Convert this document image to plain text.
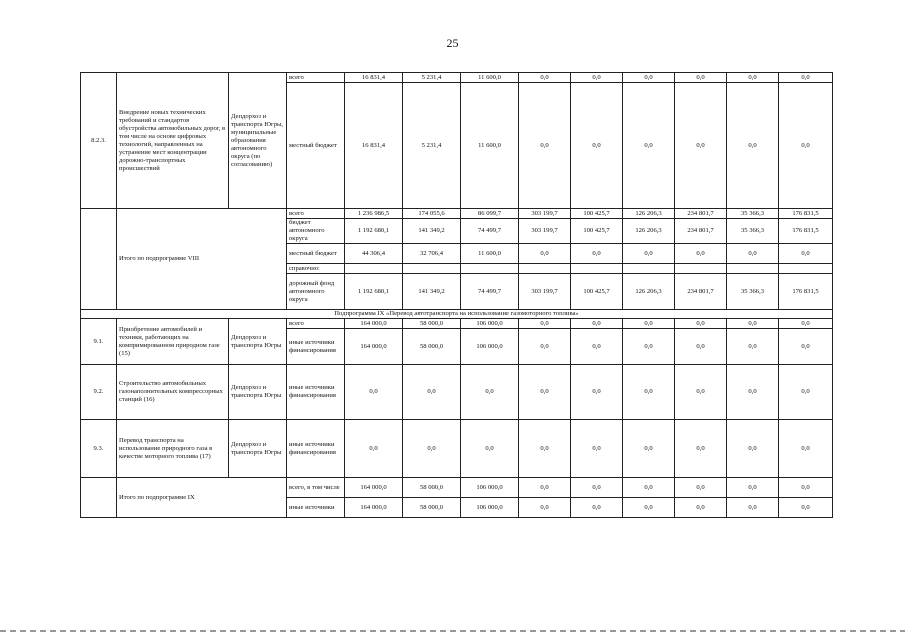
25
8.2.3.	Внедрение новых технических требований и стандартов обустройства автомобильных дорог, в том числе на основе цифровых технологий, направленных на устранение мест концентрации дорожно-транспортных происшествий	Депдорхоз и транспорта Югры, муниципальные образования автономного округа (по согласованию)	всего	16 831,4	5 231,4	11 600,0	0,0	0,0	0,0	0,0	0,0	0,0
			местный бюджет	16 831,4	5 231,4	11 600,0	0,0	0,0	0,0	0,0	0,0	0,0
	Итого по подпрограмме VIII		всего	1 236 986,5	174 055,6	86 099,7	303 199,7	100 425,7	126 206,3	234 801,7	35 366,3	176 831,5
			бюджет автономного округа	1 192 680,1	141 349,2	74 499,7	303 199,7	100 425,7	126 206,3	234 801,7	35 366,3	176 831,5
			местный бюджет	44 306,4	32 706,4	11 600,0	0,0	0,0	0,0	0,0	0,0	0,0
			справочно:									
			дорожный фонд автономного округа	1 192 680,1	141 349,2	74 499,7	303 199,7	100 425,7	126 206,3	234 801,7	35 366,3	176 831,5
Подпрограмма IX «Перевод автотранспорта на использование газомоторного топлива»												
9.1.	Приобретение автомобилей и техники, работающих на компримированном природном газе (15)	Депдорхоз и транспорта Югры	всего	164 000,0	58 000,0	106 000,0	0,0	0,0	0,0	0,0	0,0	0,0
			иные источники финансирования	164 000,0	58 000,0	106 000,0	0,0	0,0	0,0	0,0	0,0	0,0
9.2.	Строительство автомобильных газонаполнительных компрессорных станций (16)	Депдорхоз и транспорта Югры	иные источники финансирования	0,0	0,0	0,0	0,0	0,0	0,0	0,0	0,0	0,0
9.3.	Перевод транспорта на использование природного газа в качестве моторного топлива (17)	Депдорхоз и транспорта Югры	иные источники финансирования	0,0	0,0	0,0	0,0	0,0	0,0	0,0	0,0	0,0
	Итого по подпрограмме IX		всего, в том числе	164 000,0	58 000,0	106 000,0	0,0	0,0	0,0	0,0	0,0	0,0
			иные источники	164 000,0	58 000,0	106 000,0	0,0	0,0	0,0	0,0	0,0	0,0
